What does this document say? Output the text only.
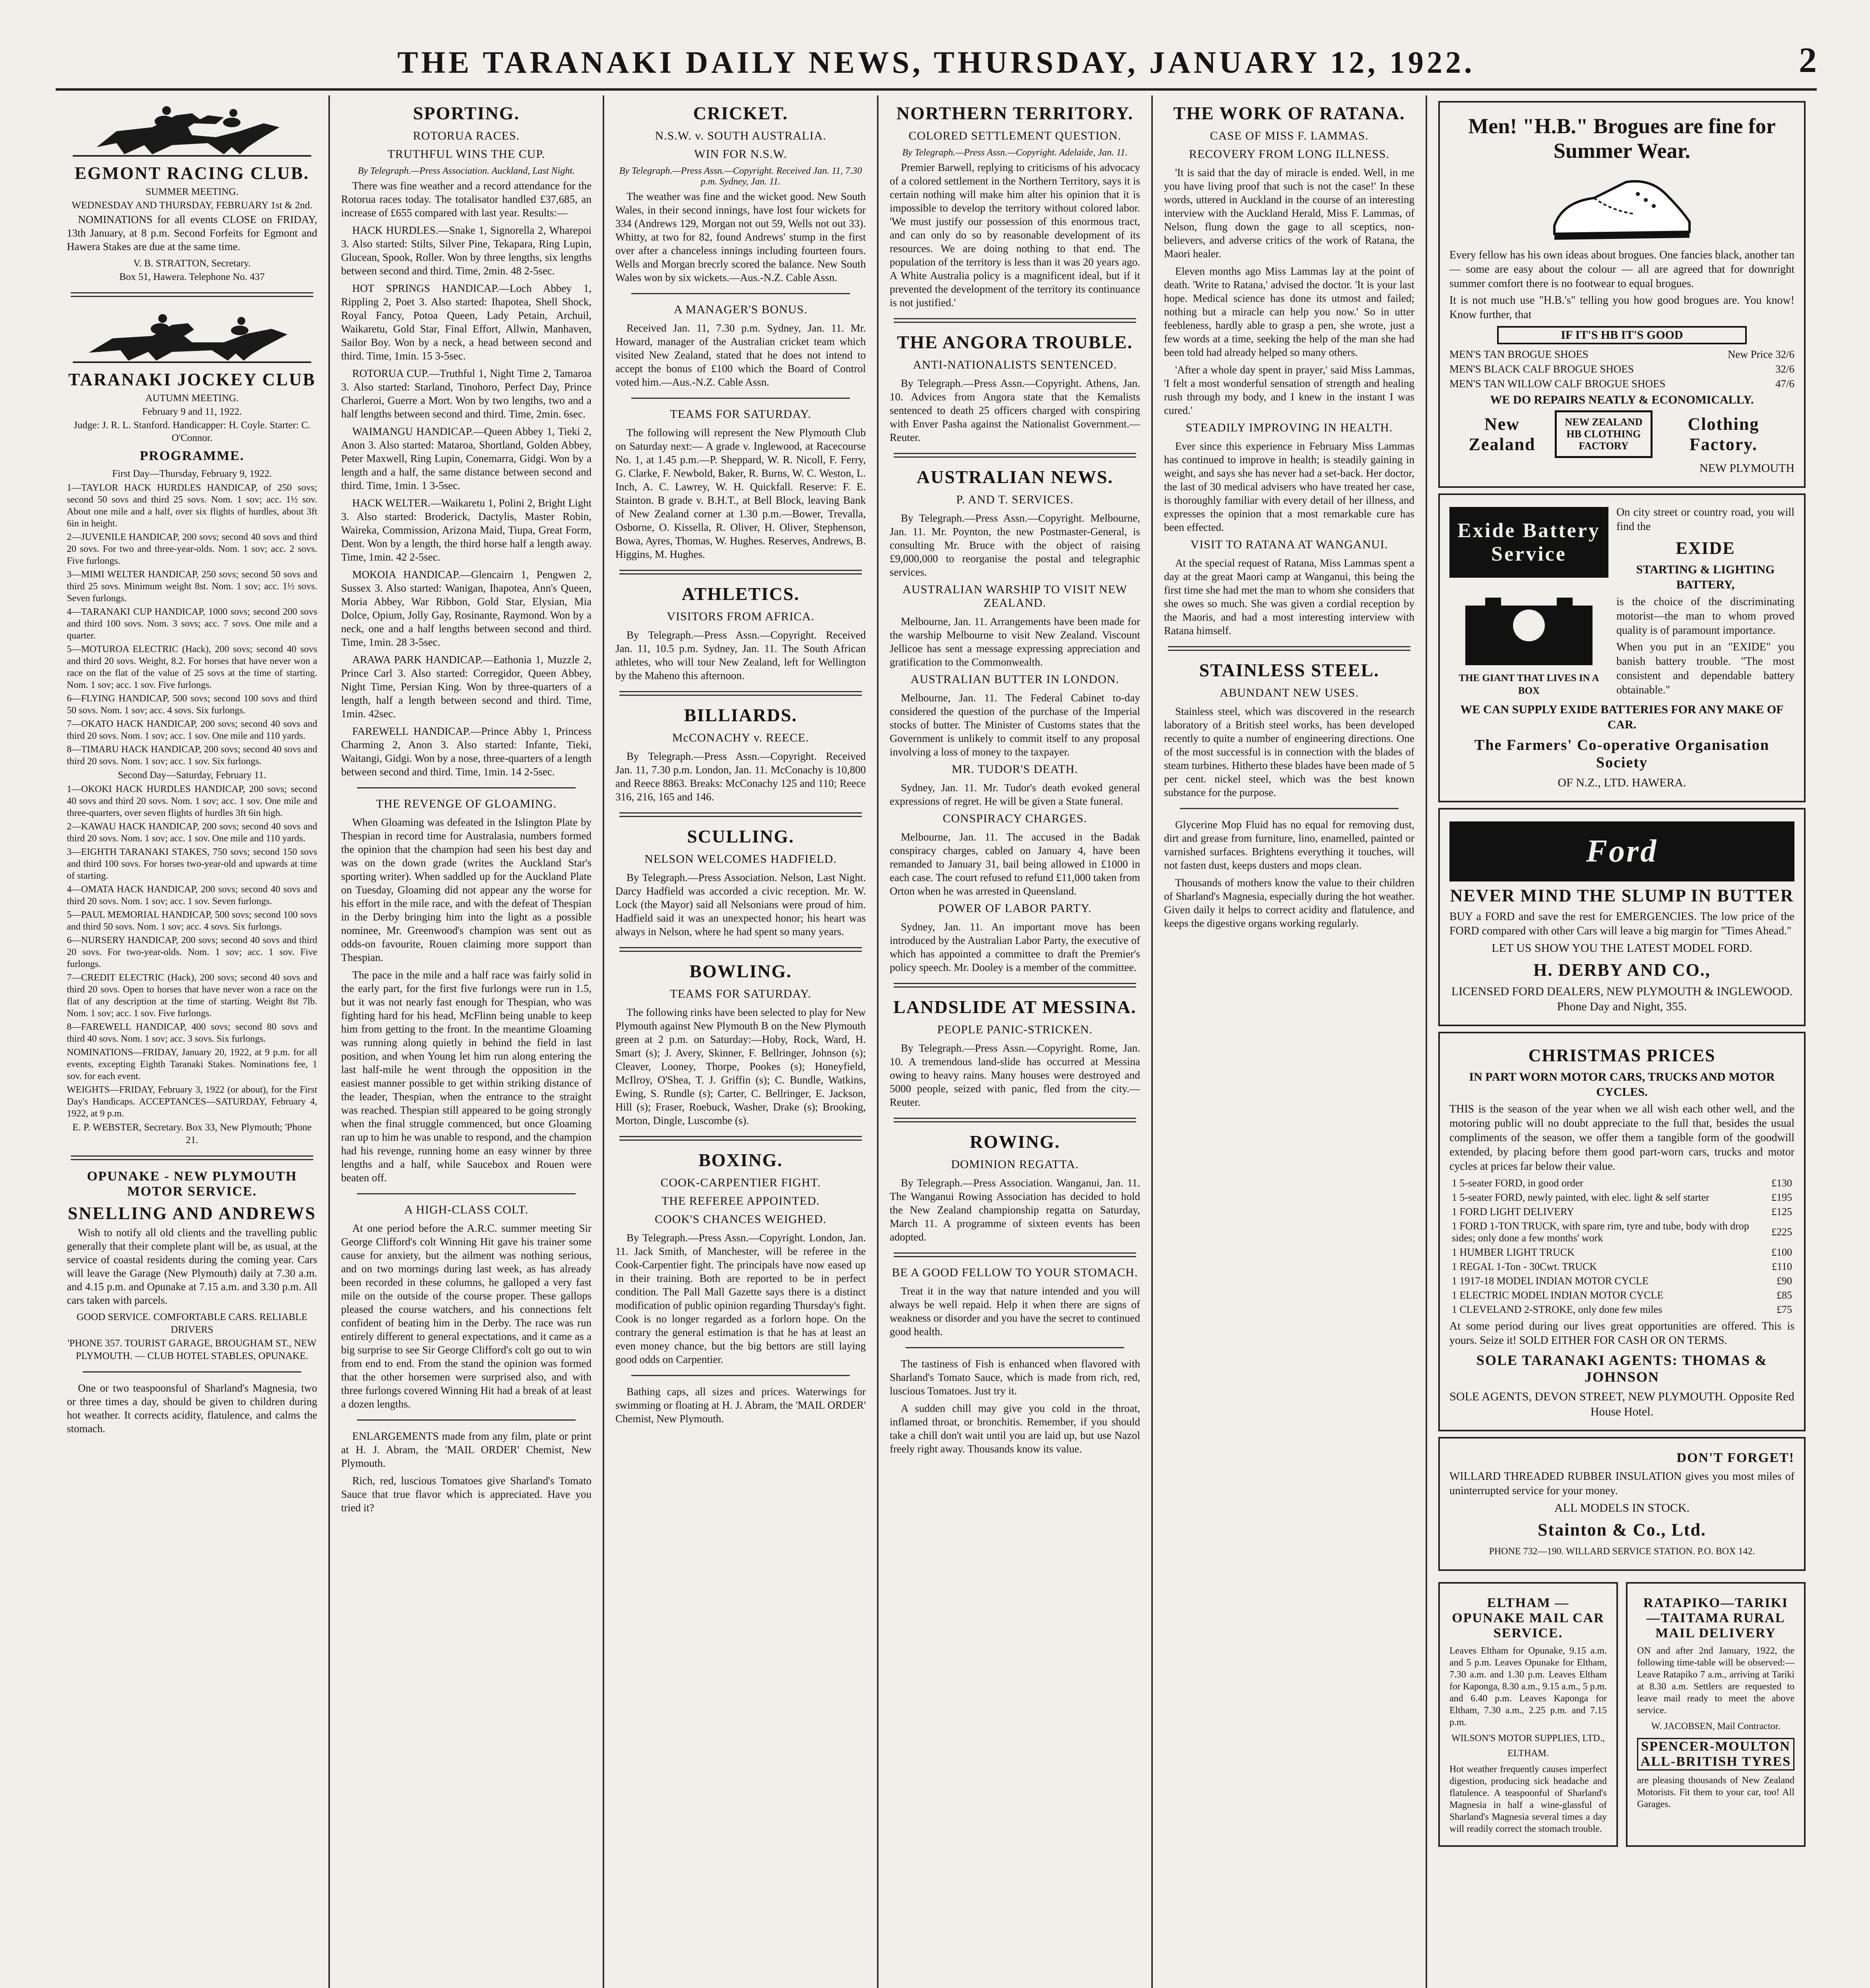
THE TARANAKI DAILY NEWS, THURSDAY, JANUARY 12, 1922.	2
EGMONT RACING CLUB.
SUMMER MEETING.
WEDNESDAY AND THURSDAY, FEBRUARY 1st & 2nd.
NOMINATIONS for all events CLOSE on FRIDAY, 13th January, at 8 p.m. Second Forfeits for Egmont and Hawera Stakes are due at the same time.
V. B. STRATTON, Secretary.
Box 51, Hawera. Telephone No. 437
TARANAKI JOCKEY CLUB
AUTUMN MEETING.
February 9 and 11, 1922.
Judge: J. R. L. Stanford. Handicapper: H. Coyle. Starter: C. O'Connor.
PROGRAMME.
First Day—Thursday, February 9, 1922.
1—TAYLOR HACK HURDLES HANDICAP, of 250 sovs; second 50 sovs and third 25 sovs. Nom. 1 sov; acc. 1½ sov. About one mile and a half, over six flights of hurdles, about 3ft 6in in height.
2—JUVENILE HANDICAP, 200 sovs; second 40 sovs and third 20 sovs. For two and three-year-olds. Nom. 1 sov; acc. 2 sovs. Five furlongs.
3—MIMI WELTER HANDICAP, 250 sovs; second 50 sovs and third 25 sovs. Minimum weight 8st. Nom. 1 sov; acc. 1½ sovs. Seven furlongs.
4—TARANAKI CUP HANDICAP, 1000 sovs; second 200 sovs and third 100 sovs. Nom. 3 sovs; acc. 7 sovs. One mile and a quarter.
5—MOTUROA ELECTRIC (Hack), 200 sovs; second 40 sovs and third 20 sovs. Weight, 8.2. For horses that have never won a race on the flat of the value of 25 sovs at the time of starting. Nom. 1 sov; acc. 1 sov. Five furlongs.
6—FLYING HANDICAP, 500 sovs; second 100 sovs and third 50 sovs. Nom. 1 sov; acc. 4 sovs. Six furlongs.
7—OKATO HACK HANDICAP, 200 sovs; second 40 sovs and third 20 sovs. Nom. 1 sov; acc. 1 sov. One mile and 110 yards.
8—TIMARU HACK HANDICAP, 200 sovs; second 40 sovs and third 20 sovs. Nom. 1 sov; acc. 1 sov. Six furlongs.
Second Day—Saturday, February 11.
1—OKOKI HACK HURDLES HANDICAP, 200 sovs; second 40 sovs and third 20 sovs. Nom. 1 sov; acc. 1 sov. One mile and three-quarters, over seven flights of hurdles 3ft 6in high.
2—KAWAU HACK HANDICAP, 200 sovs; second 40 sovs and third 20 sovs. Nom. 1 sov; acc. 1 sov. One mile and 110 yards.
3—EIGHTH TARANAKI STAKES, 750 sovs; second 150 sovs and third 100 sovs. For horses two-year-old and upwards at time of starting.
4—OMATA HACK HANDICAP, 200 sovs; second 40 sovs and third 20 sovs. Nom. 1 sov; acc. 1 sov. Seven furlongs.
5—PAUL MEMORIAL HANDICAP, 500 sovs; second 100 sovs and third 50 sovs. Nom. 1 sov; acc. 4 sovs. Six furlongs.
6—NURSERY HANDICAP, 200 sovs; second 40 sovs and third 20 sovs. For two-year-olds. Nom. 1 sov; acc. 1 sov. Five furlongs.
7—CREDIT ELECTRIC (Hack), 200 sovs; second 40 sovs and third 20 sovs. Open to horses that have never won a race on the flat of any description at the time of starting. Weight 8st 7lb. Nom. 1 sov; acc. 1 sov. Five furlongs.
8—FAREWELL HANDICAP, 400 sovs; second 80 sovs and third 40 sovs. Nom. 1 sov; acc. 3 sovs. Six furlongs.
NOMINATIONS—FRIDAY, January 20, 1922, at 9 p.m. for all events, excepting Eighth Taranaki Stakes. Nominations fee, 1 sov. for each event.
WEIGHTS—FRIDAY, February 3, 1922 (or about), for the First Day's Handicaps. ACCEPTANCES—SATURDAY, February 4, 1922, at 9 p.m.
E. P. WEBSTER, Secretary. Box 33, New Plymouth; 'Phone 21.
OPUNAKE - NEW PLYMOUTH MOTOR SERVICE.
SNELLING AND ANDREWS
Wish to notify all old clients and the travelling public generally that their complete plant will be, as usual, at the service of coastal residents during the coming year. Cars will leave the Garage (New Plymouth) daily at 7.30 a.m. and 4.15 p.m. and Opunake at 7.15 a.m. and 3.30 p.m. All cars taken with parcels.
GOOD SERVICE. COMFORTABLE CARS. RELIABLE DRIVERS
'PHONE 357. TOURIST GARAGE, BROUGHAM ST., NEW PLYMOUTH. — CLUB HOTEL STABLES, OPUNAKE.
One or two teaspoonsful of Sharland's Magnesia, two or three times a day, should be given to children during hot weather. It corrects acidity, flatulence, and calms the stomach.
SPORTING.
ROTORUA RACES.
TRUTHFUL WINS THE CUP.
By Telegraph.—Press Association. Auckland, Last Night.
There was fine weather and a record attendance for the Rotorua races today. The totalisator handled £37,685, an increase of £655 compared with last year. Results:—
HACK HURDLES.—Snake 1, Signorella 2, Wharepoi 3. Also started: Stilts, Silver Pine, Tekapara, Ring Lupin, Glucean, Spook, Roller. Won by three lengths, six lengths between second and third. Time, 2min. 48 2-5sec.
HOT SPRINGS HANDICAP.—Loch Abbey 1, Rippling 2, Poet 3. Also started: Ihapotea, Shell Shock, Royal Fancy, Potoa Queen, Lady Petain, Archuil, Waikaretu, Gold Star, Final Effort, Allwin, Manhaven, Sailor Boy. Won by a neck, a head between second and third. Time, 1min. 15 3-5sec.
ROTORUA CUP.—Truthful 1, Night Time 2, Tamaroa 3. Also started: Starland, Tinohoro, Perfect Day, Prince Charleroi, Guerre a Mort. Won by two lengths, two and a half lengths between second and third. Time, 2min. 6sec.
WAIMANGU HANDICAP.—Queen Abbey 1, Tieki 2, Anon 3. Also started: Mataroa, Shortland, Golden Abbey, Peter Maxwell, Ring Lupin, Conemarra, Gidgi. Won by a length and a half, the same distance between second and third. Time, 1min. 1 3-5sec.
HACK WELTER.—Waikaretu 1, Polini 2, Bright Light 3. Also started: Broderick, Dactylis, Master Robin, Waireka, Commission, Arizona Maid, Tiupa, Great Form, Dent. Won by a length, the third horse half a length away. Time, 1min. 42 2-5sec.
MOKOIA HANDICAP.—Glencairn 1, Pengwen 2, Sussex 3. Also started: Wanigan, Ihapotea, Ann's Queen, Moria Abbey, War Ribbon, Gold Star, Elysian, Mia Dolce, Opium, Jolly Gay, Rosinante, Raymond. Won by a neck, one and a half lengths between second and third. Time, 1min. 28 3-5sec.
ARAWA PARK HANDICAP.—Eathonia 1, Muzzle 2, Prince Carl 3. Also started: Corregidor, Queen Abbey, Night Time, Persian King. Won by three-quarters of a length, half a length between second and third. Time, 1min. 42sec.
FAREWELL HANDICAP.—Prince Abby 1, Princess Charming 2, Anon 3. Also started: Infante, Tieki, Waitangi, Gidgi. Won by a nose, three-quarters of a length between second and third. Time, 1min. 14 2-5sec.
THE REVENGE OF GLOAMING.
When Gloaming was defeated in the Islington Plate by Thespian in record time for Australasia, numbers formed the opinion that the champion had seen his best day and was on the down grade (writes the Auckland Star's sporting writer). When saddled up for the Auckland Plate on Tuesday, Gloaming did not appear any the worse for his effort in the mile race, and with the defeat of Thespian in the Derby bringing him into the light as a possible nominee, Mr. Greenwood's champion was sent out as odds-on favourite, Rouen claiming more support than Thespian.
The pace in the mile and a half race was fairly solid in the early part, for the first five furlongs were run in 1.5, but it was not nearly fast enough for Thespian, who was fighting hard for his head, McFlinn being unable to keep him from getting to the front. In the meantime Gloaming was running along quietly in behind the field in last position, and when Young let him run along entering the last half-mile he went through the opposition in the easiest manner possible to get within striking distance of the leader, Thespian, when the entrance to the straight was reached. Thespian still appeared to be going strongly when the final struggle commenced, but once Gloaming ran up to him he was unable to respond, and the champion had his revenge, running home an easy winner by three lengths and a half, while Saucebox and Rouen were beaten off.
A HIGH-CLASS COLT.
At one period before the A.R.C. summer meeting Sir George Clifford's colt Winning Hit gave his trainer some cause for anxiety, but the ailment was nothing serious, and on two mornings during last week, as has already been recorded in these columns, he galloped a very fast mile on the outside of the course proper. These gallops pleased the course watchers, and his connections felt confident of beating him in the Derby. The race was run entirely different to general expectations, and it came as a big surprise to see Sir George Clifford's colt go out to win from end to end. From the stand the opinion was formed that the other horsemen were surprised also, and with three furlongs covered Winning Hit had a break of at least a dozen lengths.
ENLARGEMENTS made from any film, plate or print at H. J. Abram, the 'MAIL ORDER' Chemist, New Plymouth.
Rich, red, luscious Tomatoes give Sharland's Tomato Sauce that true flavor which is appreciated. Have you tried it?
CRICKET.
N.S.W. v. SOUTH AUSTRALIA.
WIN FOR N.S.W.
By Telegraph.—Press Assn.—Copyright. Received Jan. 11, 7.30 p.m. Sydney, Jan. 11.
The weather was fine and the wicket good. New South Wales, in their second innings, have lost four wickets for 334 (Andrews 129, Morgan not out 59, Wells not out 33). Whitty, at two for 82, found Andrews' stump in the first over after a chanceless innings including fourteen fours. Wells and Morgan brecrly scored the balance. New South Wales won by six wickets.—Aus.-N.Z. Cable Assn.
A MANAGER'S BONUS.
Received Jan. 11, 7.30 p.m. Sydney, Jan. 11. Mr. Howard, manager of the Australian cricket team which visited New Zealand, stated that he does not intend to accept the bonus of £100 which the Board of Control voted him.—Aus.-N.Z. Cable Assn.
TEAMS FOR SATURDAY.
The following will represent the New Plymouth Club on Saturday next:— A grade v. Inglewood, at Racecourse No. 1, at 1.45 p.m.—P. Sheppard, W. R. Nicoll, F. Ferry, G. Clarke, F. Newbold, Baker, R. Burns, W. C. Weston, L. Inch, A. C. Lawrey, W. H. Quickfall. Reserve: F. E. Stainton. B grade v. B.H.T., at Bell Block, leaving Bank of New Zealand corner at 1.30 p.m.—Bower, Trevalla, Osborne, O. Kissella, R. Oliver, H. Oliver, Stephenson, Bowa, Ayres, Thomas, W. Hughes. Reserves, Andrews, B. Higgins, M. Hughes.
ATHLETICS.
VISITORS FROM AFRICA.
By Telegraph.—Press Assn.—Copyright. Received Jan. 11, 10.5 p.m. Sydney, Jan. 11. The South African athletes, who will tour New Zealand, left for Wellington by the Maheno this afternoon.
BILLIARDS.
McCONACHY v. REECE.
By Telegraph.—Press Assn.—Copyright. Received Jan. 11, 7.30 p.m. London, Jan. 11. McConachy is 10,800 and Reece 8863. Breaks: McConachy 125 and 110; Reece 316, 216, 165 and 146.
SCULLING.
NELSON WELCOMES HADFIELD.
By Telegraph.—Press Association. Nelson, Last Night. Darcy Hadfield was accorded a civic reception. Mr. W. Lock (the Mayor) said all Nelsonians were proud of him. Hadfield said it was an unexpected honor; his heart was always in Nelson, where he had spent so many years.
BOWLING.
TEAMS FOR SATURDAY.
The following rinks have been selected to play for New Plymouth against New Plymouth B on the New Plymouth green at 2 p.m. on Saturday:—Hoby, Rock, Ward, H. Smart (s); J. Avery, Skinner, F. Bellringer, Johnson (s); Cleaver, Looney, Thorpe, Pookes (s); Honeyfield, McIlroy, O'Shea, T. J. Griffin (s); C. Bundle, Watkins, Ewing, S. Rundle (s); Carter, C. Bellringer, E. Jackson, Hill (s); Fraser, Roebuck, Washer, Drake (s); Brooking, Morton, Dingle, Luscombe (s).
BOXING.
COOK-CARPENTIER FIGHT.
THE REFEREE APPOINTED.
COOK'S CHANCES WEIGHED.
By Telegraph.—Press Assn.—Copyright. London, Jan. 11. Jack Smith, of Manchester, will be referee in the Cook-Carpentier fight. The principals have now eased up in their training. Both are reported to be in perfect condition. The Pall Mall Gazette says there is a distinct modification of public opinion regarding Thursday's fight. Cook is no longer regarded as a forlorn hope. On the contrary the general estimation is that he has at least an even money chance, but the big bettors are still laying good odds on Carpentier.
Bathing caps, all sizes and prices. Waterwings for swimming or floating at H. J. Abram, the 'MAIL ORDER' Chemist, New Plymouth.
NORTHERN TERRITORY.
COLORED SETTLEMENT QUESTION.
By Telegraph.—Press Assn.—Copyright. Adelaide, Jan. 11.
Premier Barwell, replying to criticisms of his advocacy of a colored settlement in the Northern Territory, says it is certain nothing will make him alter his opinion that it is impossible to develop the territory without colored labor. 'We must justify our possession of this enormous tract, and can only do so by reasonable development of its resources. We are doing nothing to that end. The population of the territory is less than it was 20 years ago. A White Australia policy is a magnificent ideal, but if it prevented the development of the territory its continuance is not justified.'
THE ANGORA TROUBLE.
ANTI-NATIONALISTS SENTENCED.
By Telegraph.—Press Assn.—Copyright. Athens, Jan. 10. Advices from Angora state that the Kemalists sentenced to death 25 officers charged with conspiring with Enver Pasha against the Nationalist Government.—Reuter.
AUSTRALIAN NEWS.
P. AND T. SERVICES.
By Telegraph.—Press Assn.—Copyright. Melbourne, Jan. 11. Mr. Poynton, the new Postmaster-General, is consulting Mr. Bruce with the object of raising £9,000,000 to reorganise the postal and telegraphic services.
AUSTRALIAN WARSHIP TO VISIT NEW ZEALAND.
Melbourne, Jan. 11. Arrangements have been made for the warship Melbourne to visit New Zealand. Viscount Jellicoe has sent a message expressing appreciation and gratification to the Commonwealth.
AUSTRALIAN BUTTER IN LONDON.
Melbourne, Jan. 11. The Federal Cabinet to-day considered the question of the purchase of the Imperial stocks of butter. The Minister of Customs states that the Government is unlikely to commit itself to any proposal involving a loss of money to the taxpayer.
MR. TUDOR'S DEATH.
Sydney, Jan. 11. Mr. Tudor's death evoked general expressions of regret. He will be given a State funeral.
CONSPIRACY CHARGES.
Melbourne, Jan. 11. The accused in the Badak conspiracy charges, cabled on January 4, have been remanded to January 31, bail being allowed in £1000 in each case. The court refused to refund £11,000 taken from Orton when he was arrested in Queensland.
POWER OF LABOR PARTY.
Sydney, Jan. 11. An important move has been introduced by the Australian Labor Party, the executive of which has appointed a committee to draft the Premier's policy speech. Mr. Dooley is a member of the committee.
LANDSLIDE AT MESSINA.
PEOPLE PANIC-STRICKEN.
By Telegraph.—Press Assn.—Copyright. Rome, Jan. 10. A tremendous land-slide has occurred at Messina owing to heavy rains. Many houses were destroyed and 5000 people, seized with panic, fled from the city.—Reuter.
ROWING.
DOMINION REGATTA.
By Telegraph.—Press Association. Wanganui, Jan. 11. The Wanganui Rowing Association has decided to hold the New Zealand championship regatta on Saturday, March 11. A programme of sixteen events has been adopted.
BE A GOOD FELLOW TO YOUR STOMACH.
Treat it in the way that nature intended and you will always be well repaid. Help it when there are signs of weakness or disorder and you have the secret to continued good health.
The tastiness of Fish is enhanced when flavored with Sharland's Tomato Sauce, which is made from rich, red, luscious Tomatoes. Just try it.
A sudden chill may give you cold in the throat, inflamed throat, or bronchitis. Remember, if you should take a chill don't wait until you are laid up, but use Nazol freely right away. Thousands know its value.
THE WORK OF RATANA.
CASE OF MISS F. LAMMAS.
RECOVERY FROM LONG ILLNESS.
'It is said that the day of miracle is ended. Well, in me you have living proof that such is not the case!' In these words, uttered in Auckland in the course of an interesting interview with the Auckland Herald, Miss F. Lammas, of Nelson, flung down the gage to all sceptics, non-believers, and adverse critics of the work of Ratana, the Maori healer.
Eleven months ago Miss Lammas lay at the point of death. 'Write to Ratana,' advised the doctor. 'It is your last hope. Medical science has done its utmost and failed; nothing but a miracle can help you now.' So in utter feebleness, hardly able to grasp a pen, she wrote, just a few words at a time, seeking the help of the man she had been told had already helped so many others.
'After a whole day spent in prayer,' said Miss Lammas, 'I felt a most wonderful sensation of strength and healing rush through my body, and I knew in the instant I was cured.'
STEADILY IMPROVING IN HEALTH.
Ever since this experience in February Miss Lammas has continued to improve in health; is steadily gaining in weight, and says she has never had a set-back. Her doctor, the last of 30 medical advisers who have treated her case, is thoroughly familiar with every detail of her illness, and expresses the opinion that a most remarkable cure has been effected.
VISIT TO RATANA AT WANGANUI.
At the special request of Ratana, Miss Lammas spent a day at the great Maori camp at Wanganui, this being the first time she had met the man to whom she considers that she owes so much. She was given a cordial reception by the Maoris, and had a most interesting interview with Ratana himself.
STAINLESS STEEL.
ABUNDANT NEW USES.
Stainless steel, which was discovered in the research laboratory of a British steel works, has been developed recently to quite a number of engineering directions. One of the most successful is in connection with the blades of steam turbines. Hitherto these blades have been made of 5 per cent. nickel steel, which was the best known substance for the purpose.
Glycerine Mop Fluid has no equal for removing dust, dirt and grease from furniture, lino, enamelled, painted or varnished surfaces. Brightens everything it touches, will not fasten dust, keeps dusters and mops clean.
Thousands of mothers know the value to their children of Sharland's Magnesia, especially during the hot weather. Given daily it helps to correct acidity and flatulence, and keeps the digestive organs working regularly.
Men! "H.B." Brogues are fine for Summer Wear.
Every fellow has his own ideas about brogues. One fancies black, another tan — some are easy about the colour — all are agreed that for downright summer comfort there is no footwear to equal brogues.
It is not much use "H.B.'s" telling you how good brogues are. You know! Know further, that
IF IT'S HB IT'S GOOD
MEN'S TAN BROGUE SHOES	New Price 32/6
MEN'S BLACK CALF BROGUE SHOES	32/6
MEN'S TAN WILLOW CALF BROGUE SHOES	47/6
WE DO REPAIRS NEATLY & ECONOMICALLY.
New Zealand
NEW ZEALAND HB CLOTHING FACTORY
Clothing Factory.
NEW PLYMOUTH
Exide Battery Service
THE GIANT THAT LIVES IN A BOX
On city street or country road, you will find the
EXIDE
STARTING & LIGHTING BATTERY,
is the choice of the discriminating motorist—the man to whom proved quality is of paramount importance.
When you put in an "EXIDE" you banish battery trouble. "The most consistent and dependable battery obtainable."
WE CAN SUPPLY EXIDE BATTERIES FOR ANY MAKE OF CAR.
The Farmers' Co-operative Organisation Society
OF N.Z., LTD. HAWERA.
Ford
NEVER MIND THE SLUMP IN BUTTER
BUY a FORD and save the rest for EMERGENCIES. The low price of the FORD compared with other Cars will leave a big margin for "Times Ahead."
LET US SHOW YOU THE LATEST MODEL FORD.
H. DERBY AND CO.,
LICENSED FORD DEALERS, NEW PLYMOUTH & INGLEWOOD. Phone Day and Night, 355.
CHRISTMAS PRICES
IN PART WORN MOTOR CARS, TRUCKS AND MOTOR CYCLES.
THIS is the season of the year when we all wish each other well, and the motoring public will no doubt appreciate to the full that, besides the usual compliments of the season, we offer them a tangible form of the goodwill extended, by placing before them good part-worn cars, trucks and motor cycles at prices far below their value.
1 5-seater FORD, in good order	£130
1 5-seater FORD, newly painted, with elec. light & self starter	£195
1 FORD LIGHT DELIVERY	£125
1 FORD 1-TON TRUCK, with spare rim, tyre and tube, body with drop sides; only done a few months' work	£225
1 HUMBER LIGHT TRUCK	£100
1 REGAL 1-Ton - 30Cwt. TRUCK	£110
1 1917-18 MODEL INDIAN MOTOR CYCLE	£90
1 ELECTRIC MODEL INDIAN MOTOR CYCLE	£85
1 CLEVELAND 2-STROKE, only done few miles	£75
At some period during our lives great opportunities are offered. This is yours. Seize it! SOLD EITHER FOR CASH OR ON TERMS.
SOLE TARANAKI AGENTS: THOMAS & JOHNSON
SOLE AGENTS, DEVON STREET, NEW PLYMOUTH. Opposite Red House Hotel.
DON'T FORGET!
WILLARD THREADED RUBBER INSULATION gives you most miles of uninterrupted service for your money.
ALL MODELS IN STOCK.
Stainton & Co., Ltd.
PHONE 732—190. WILLARD SERVICE STATION. P.O. BOX 142.
ELTHAM — OPUNAKE MAIL CAR SERVICE.
Leaves Eltham for Opunake, 9.15 a.m. and 5 p.m. Leaves Opunake for Eltham, 7.30 a.m. and 1.30 p.m. Leaves Eltham for Kaponga, 8.30 a.m., 9.15 a.m., 5 p.m. and 6.40 p.m. Leaves Kaponga for Eltham, 7.30 a.m., 2.25 p.m. and 7.15 p.m.
WILSON'S MOTOR SUPPLIES, LTD., ELTHAM.
Hot weather frequently causes imperfect digestion, producing sick headache and flatulence. A teaspoonful of Sharland's Magnesia in half a wine-glassful of Sharland's Magnesia several times a day will readily correct the stomach trouble.
RATAPIKO—TARIKI—TAITAMA RURAL MAIL DELIVERY
ON and after 2nd January, 1922, the following time-table will be observed:— Leave Ratapiko 7 a.m., arriving at Tariki at 8.30 a.m. Settlers are requested to leave mail ready to meet the above service.
W. JACOBSEN, Mail Contractor.
SPENCER-MOULTON ALL-BRITISH TYRES
are pleasing thousands of New Zealand Motorists. Fit them to your car, too! All Garages.
